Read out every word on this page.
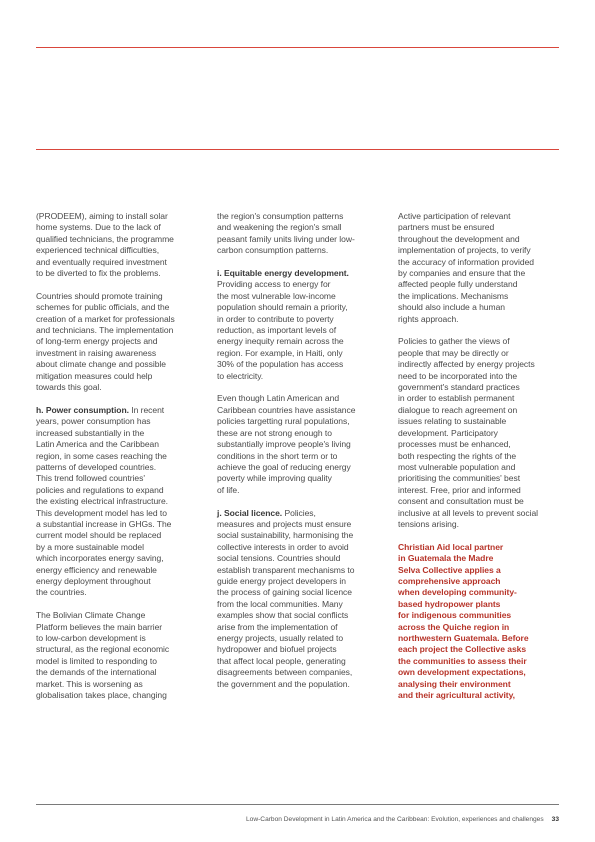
(PRODEEM), aiming to install solar
home systems. Due to the lack of
qualified technicians, the programme
experienced technical difficulties,
and eventually required investment
to be diverted to fix the problems.

Countries should promote training
schemes for public officials, and the
creation of a market for professionals
and technicians. The implementation
of long-term energy projects and
investment in raising awareness
about climate change and possible
mitigation measures could help
towards this goal.

h. Power consumption. In recent
years, power consumption has
increased substantially in the
Latin America and the Caribbean
region, in some cases reaching the
patterns of developed countries.
This trend followed countries'
policies and regulations to expand
the existing electrical infrastructure.
This development model has led to
a substantial increase in GHGs. The
current model should be replaced
by a more sustainable model
which incorporates energy saving,
energy efficiency and renewable
energy deployment throughout
the countries.

The Bolivian Climate Change
Platform believes the main barrier
to low-carbon development is
structural, as the regional economic
model is limited to responding to
the demands of the international
market. This is worsening as
globalisation takes place, changing

the region's consumption patterns
and weakening the region's small
peasant family units living under low-
carbon consumption patterns.

i. Equitable energy development.
Providing access to energy for
the most vulnerable low-income
population should remain a priority,
in order to contribute to poverty
reduction, as important levels of
energy inequity remain across the
region. For example, in Haiti, only
30% of the population has access
to electricity.

Even though Latin American and
Caribbean countries have assistance
policies targetting rural populations,
these are not strong enough to
substantially improve people's living
conditions in the short term or to
achieve the goal of reducing energy
poverty while improving quality
of life.

j. Social licence. Policies,
measures and projects must ensure
social sustainability, harmonising the
collective interests in order to avoid
social tensions. Countries should
establish transparent mechanisms to
guide energy project developers in
the process of gaining social licence
from the local communities. Many
examples show that social conflicts
arise from the implementation of
energy projects, usually related to
hydropower and biofuel projects
that affect local people, generating
disagreements between companies,
the government and the population.

Active participation of relevant
partners must be ensured
throughout the development and
implementation of projects, to verify
the accuracy of information provided
by companies and ensure that the
affected people fully understand
the implications. Mechanisms
should also include a human
rights approach.

Policies to gather the views of
people that may be directly or
indirectly affected by energy projects
need to be incorporated into the
government's standard practices
in order to establish permanent
dialogue to reach agreement on
issues relating to sustainable
development. Participatory
processes must be enhanced,
both respecting the rights of the
most vulnerable population and
prioritising the communities' best
interest. Free, prior and informed
consent and consultation must be
inclusive at all levels to prevent social
tensions arising.

Christian Aid local partner
in Guatemala the Madre
Selva Collective applies a
comprehensive approach
when developing community-
based hydropower plants
for indigenous communities
across the Quiche region in
northwestern Guatemala. Before
each project the Collective asks
the communities to assess their
own development expectations,
analysing their environment
and their agricultural activity,

Low-Carbon Development in Latin America and the Caribbean: Evolution, experiences and challenges 33
